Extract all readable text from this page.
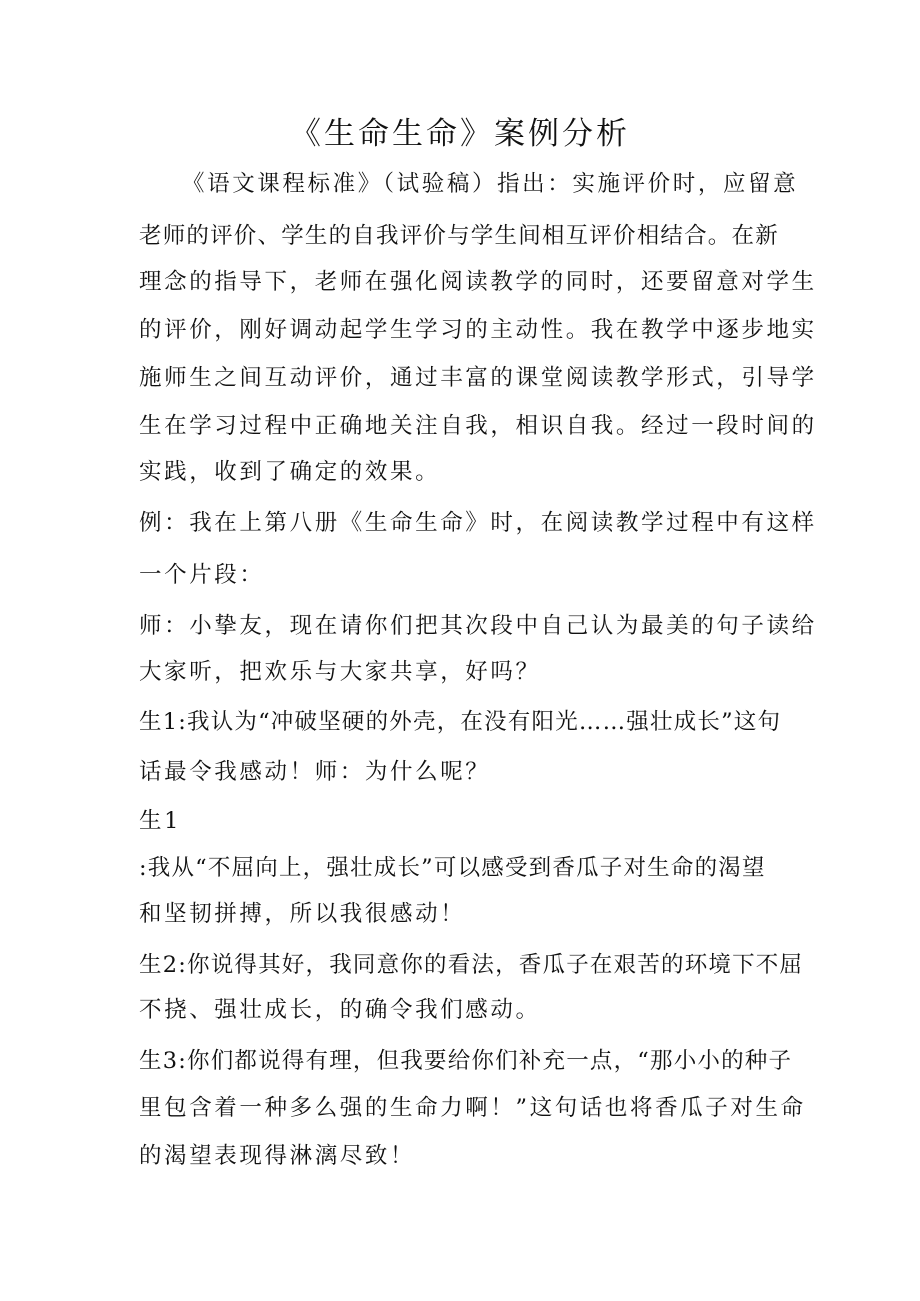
《生命生命》案例分析
《语文课程标准》（试验稿）指出：实施评价时，应留意
老师的评价、学生的自我评价与学生间相互评价相结合。在新
理念的指导下，老师在强化阅读教学的同时，还要留意对学生
的评价，刚好调动起学生学习的主动性。我在教学中逐步地实
施师生之间互动评价，通过丰富的课堂阅读教学形式，引导学
生在学习过程中正确地关注自我，相识自我。经过一段时间的
实践，收到了确定的效果。
例：我在上第八册《生命生命》时，在阅读教学过程中有这样
一个片段：
师：小挚友，现在请你们把其次段中自己认为最美的句子读给
大家听，把欢乐与大家共享，好吗？
生1:我认为“冲破坚硬的外壳，在没有阳光……强壮成长”这句
话最令我感动！师：为什么呢？
生1
:我从“不屈向上，强壮成长”可以感受到香瓜子对生命的渴望
和坚韧拼搏，所以我很感动！
生2:你说得其好，我同意你的看法，香瓜子在艰苦的环境下不屈
不挠、强壮成长，的确令我们感动。
生3:你们都说得有理，但我要给你们补充一点，“那小小的种子
里包含着一种多么强的生命力啊！”这句话也将香瓜子对生命
的渴望表现得淋漓尽致！
